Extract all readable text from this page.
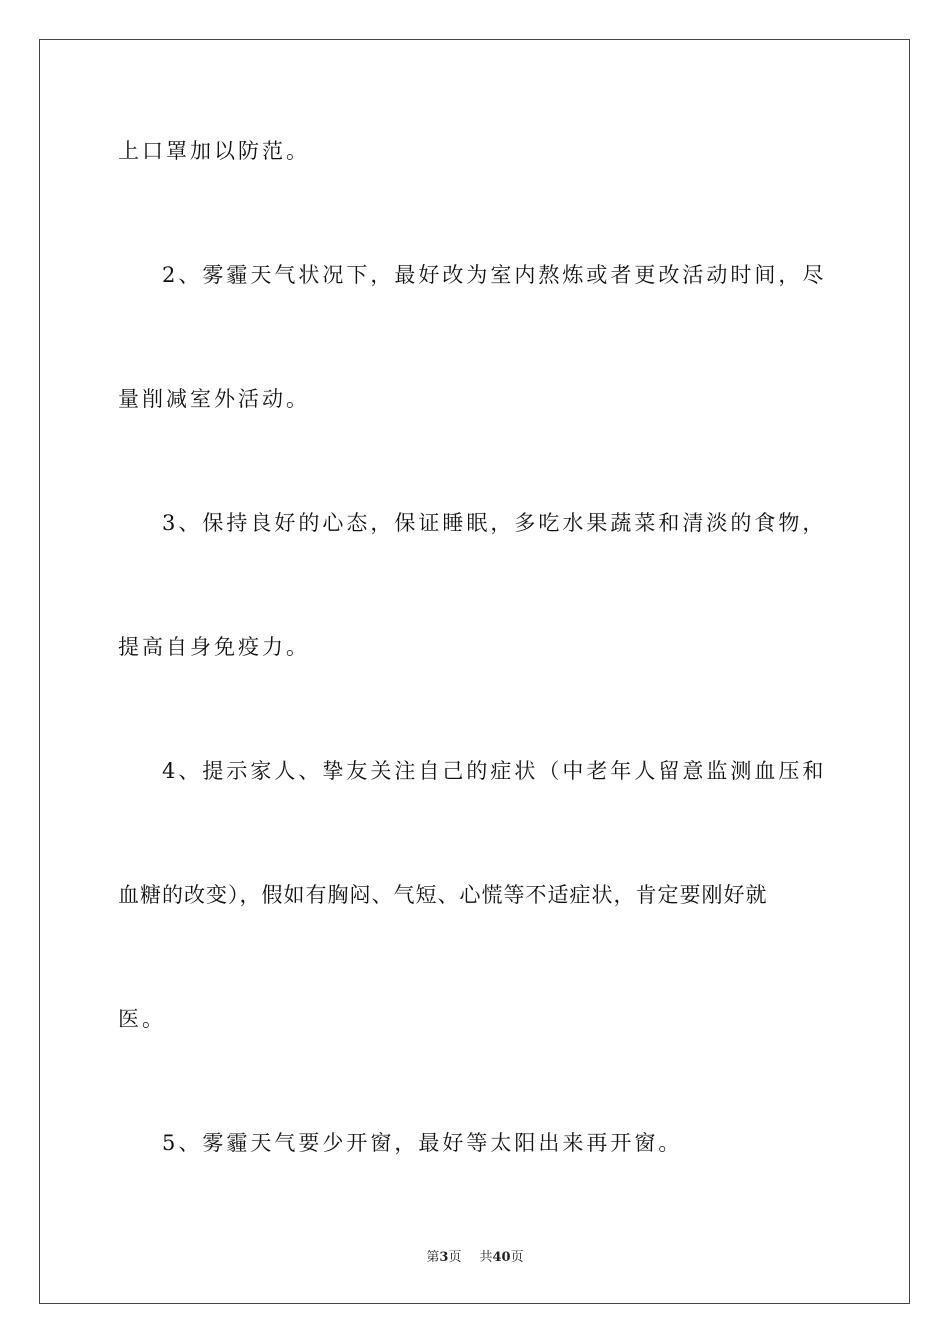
上口罩加以防范。
2、雾霾天气状况下，最好改为室内熬炼或者更改活动时间，尽
量削减室外活动。
3、保持良好的心态，保证睡眠，多吃水果蔬菜和清淡的食物，
提高自身免疫力。
4、提示家人、挚友关注自己的症状（中老年人留意监测血压和
血糖的改变），假如有胸闷、气短、心慌等不适症状，肯定要刚好就
医。
5、雾霾天气要少开窗，最好等太阳出来再开窗。
第3页 共40页
